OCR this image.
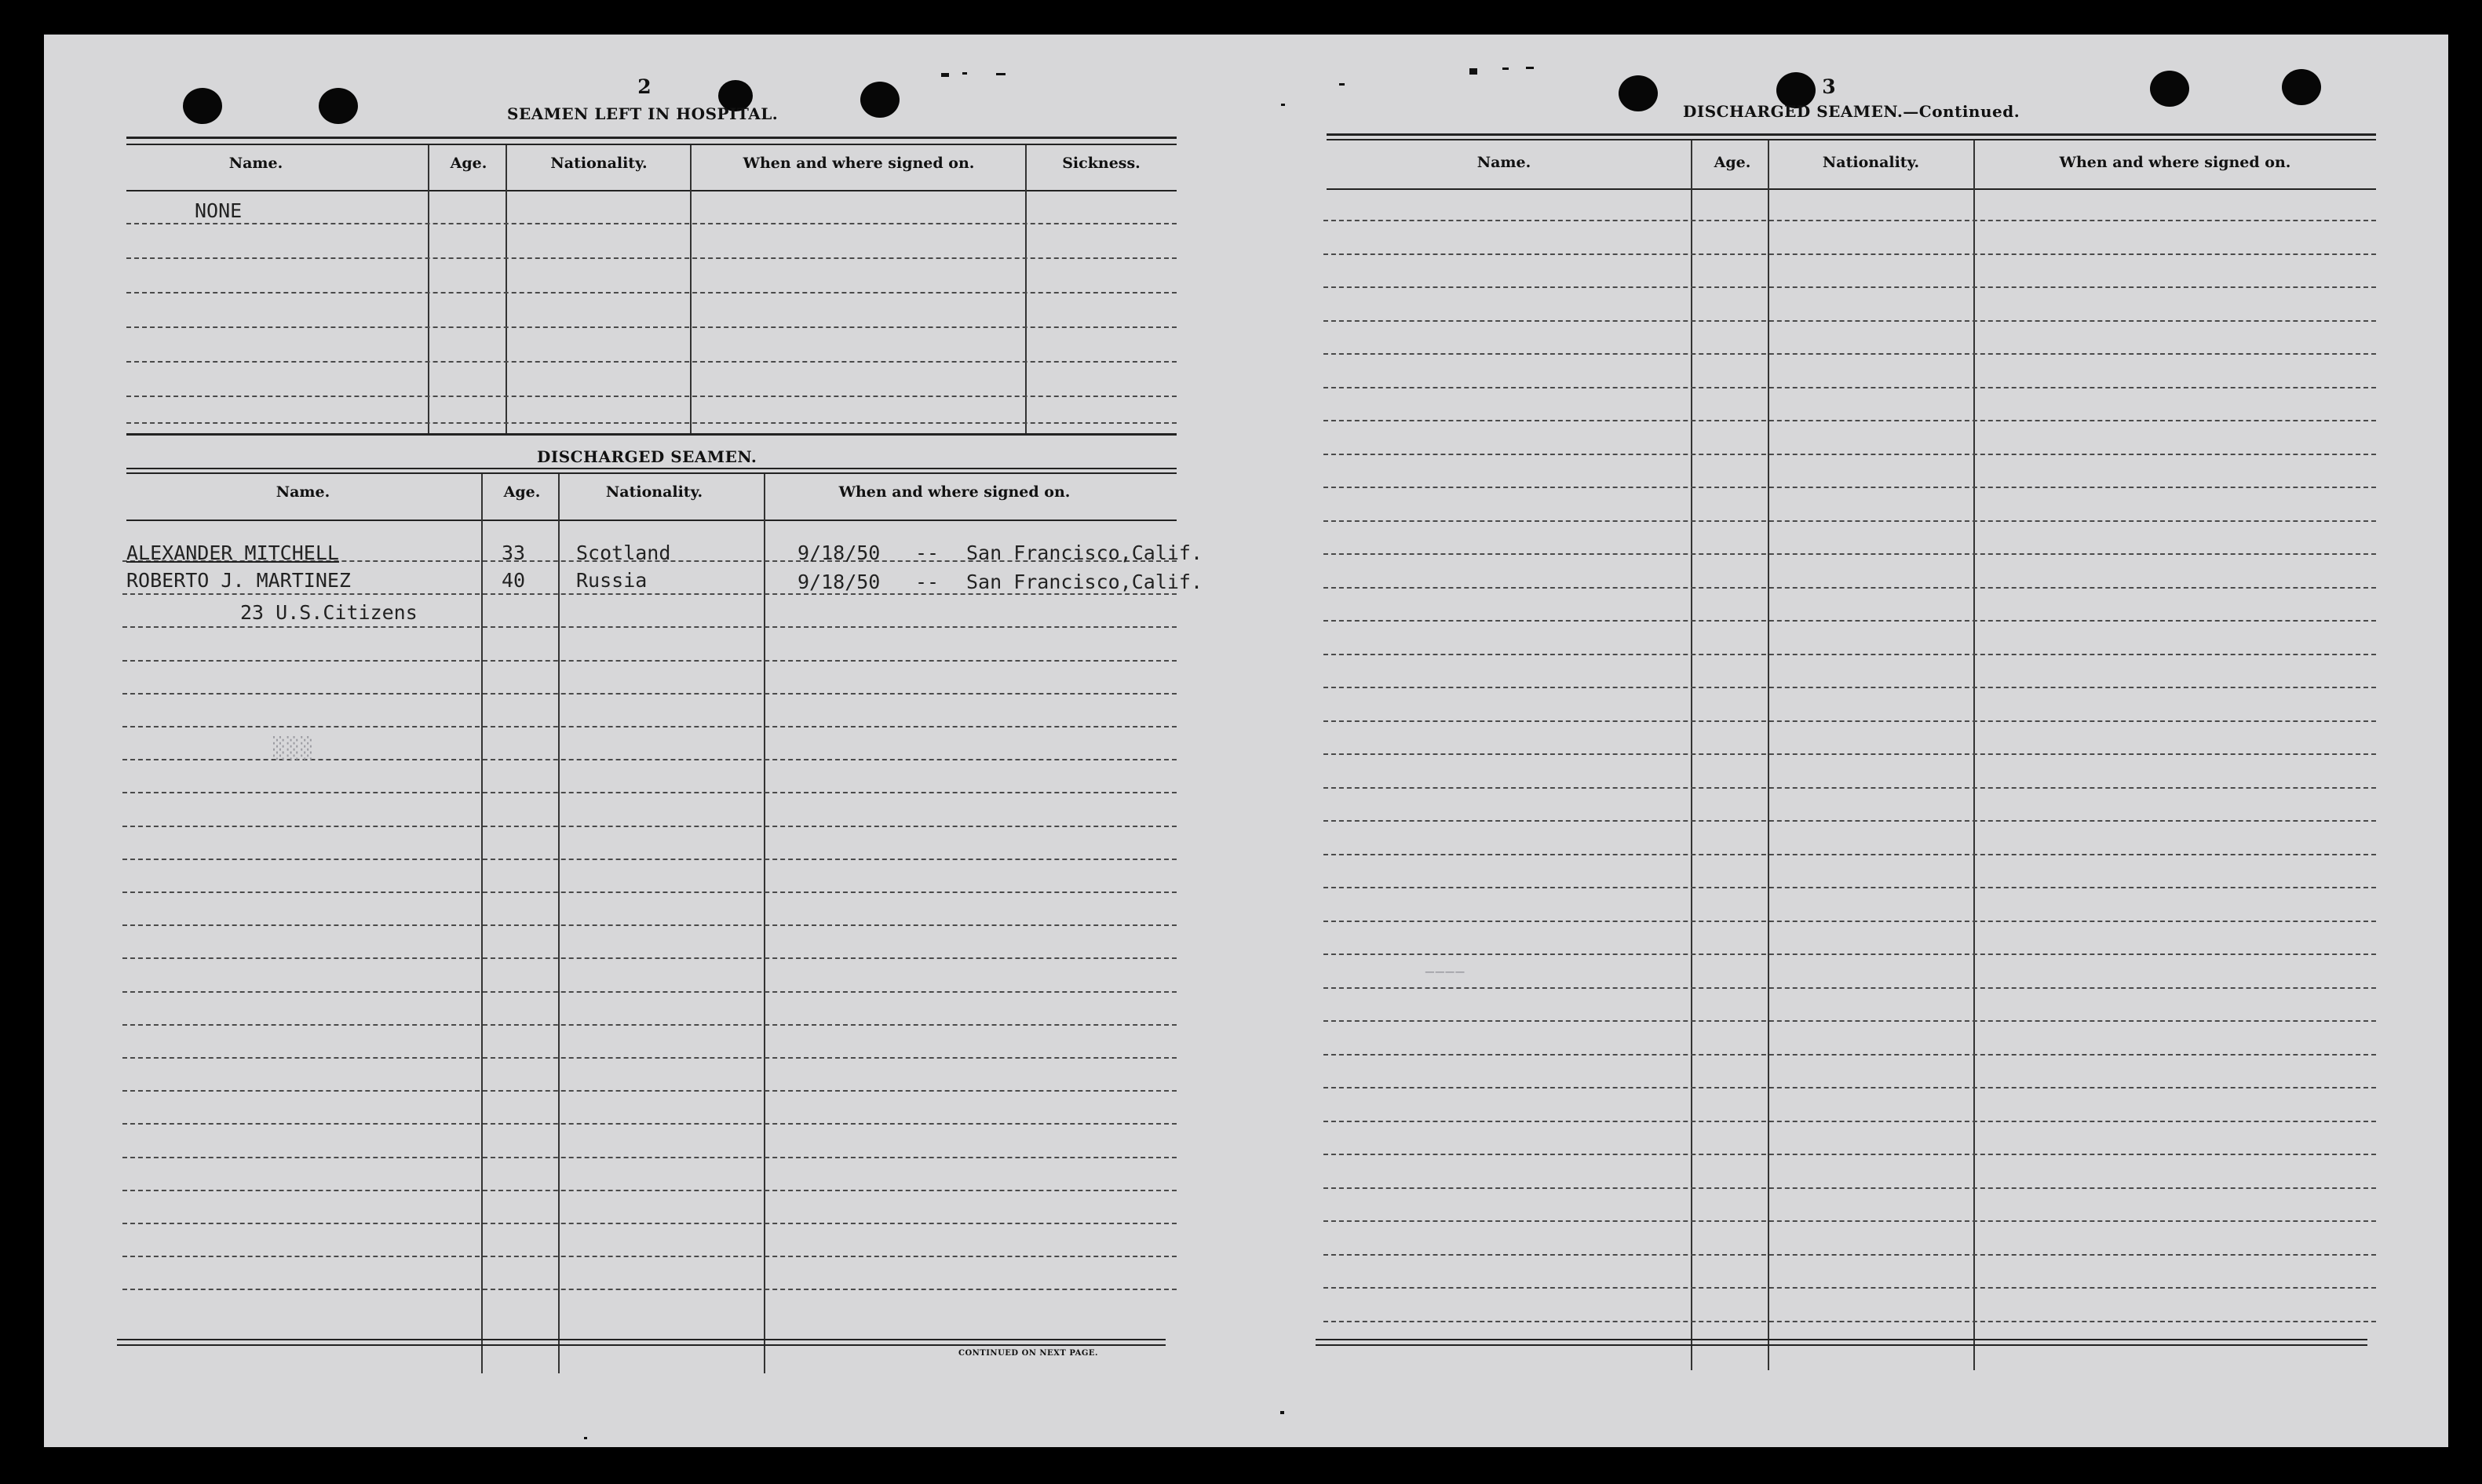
2
SEAMEN LEFT IN HOSPITAL.
Name.	Age.	Nationality.	When and where signed on.	Sickness.
NONE
DISCHARGED SEAMEN.
Name.	Age.	Nationality.	When and where signed on.
ALEXANDER MITCHELL	33	Scotland	9/18/50 -- San Francisco,Calif.
ROBERTO J. MARTINEZ	40	Russia	9/18/50 -- San Francisco,Calif.
23 U.S.Citizens
░░░
CONTINUED ON NEXT PAGE.
3
DISCHARGED SEAMEN.—Continued.
Name.	Age.	Nationality.	When and where signed on.
────
